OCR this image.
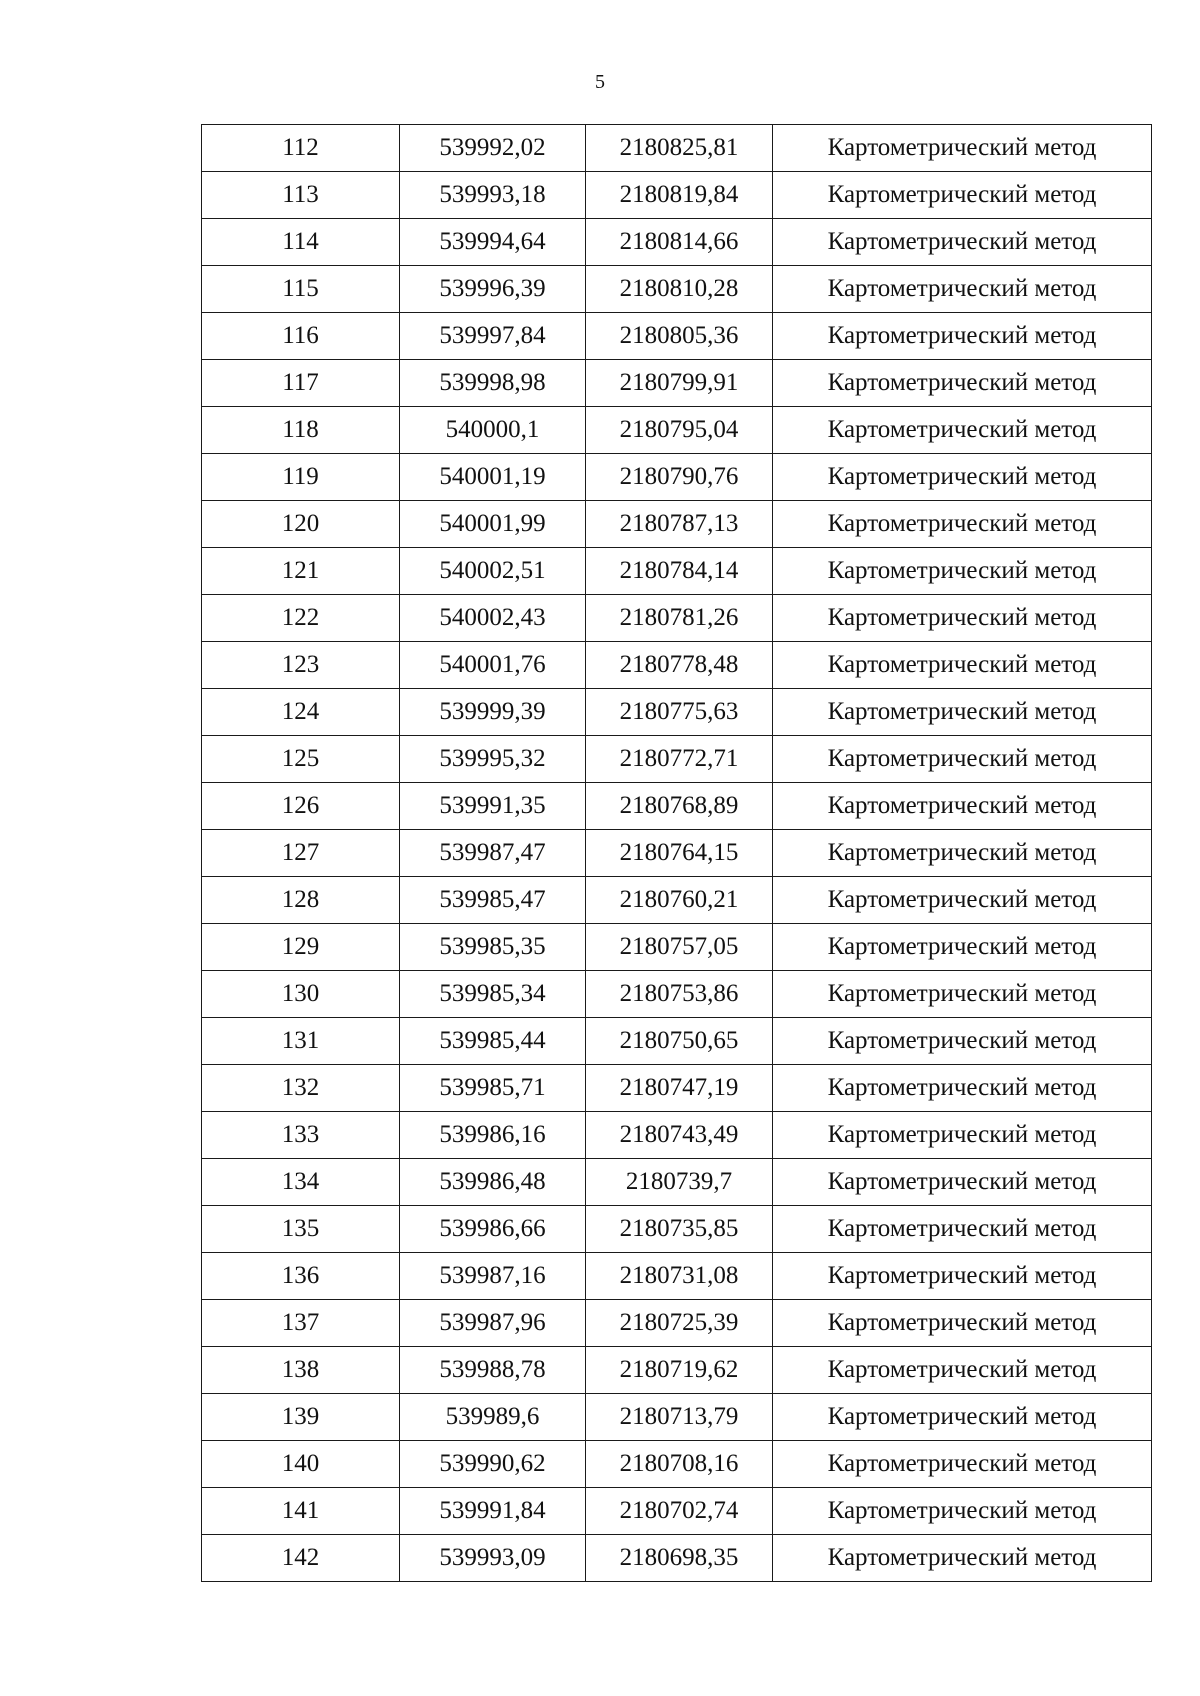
5
112	539992,02	2180825,81	Картометрический метод
113	539993,18	2180819,84	Картометрический метод
114	539994,64	2180814,66	Картометрический метод
115	539996,39	2180810,28	Картометрический метод
116	539997,84	2180805,36	Картометрический метод
117	539998,98	2180799,91	Картометрический метод
118	540000,1	2180795,04	Картометрический метод
119	540001,19	2180790,76	Картометрический метод
120	540001,99	2180787,13	Картометрический метод
121	540002,51	2180784,14	Картометрический метод
122	540002,43	2180781,26	Картометрический метод
123	540001,76	2180778,48	Картометрический метод
124	539999,39	2180775,63	Картометрический метод
125	539995,32	2180772,71	Картометрический метод
126	539991,35	2180768,89	Картометрический метод
127	539987,47	2180764,15	Картометрический метод
128	539985,47	2180760,21	Картометрический метод
129	539985,35	2180757,05	Картометрический метод
130	539985,34	2180753,86	Картометрический метод
131	539985,44	2180750,65	Картометрический метод
132	539985,71	2180747,19	Картометрический метод
133	539986,16	2180743,49	Картометрический метод
134	539986,48	2180739,7	Картометрический метод
135	539986,66	2180735,85	Картометрический метод
136	539987,16	2180731,08	Картометрический метод
137	539987,96	2180725,39	Картометрический метод
138	539988,78	2180719,62	Картометрический метод
139	539989,6	2180713,79	Картометрический метод
140	539990,62	2180708,16	Картометрический метод
141	539991,84	2180702,74	Картометрический метод
142	539993,09	2180698,35	Картометрический метод
